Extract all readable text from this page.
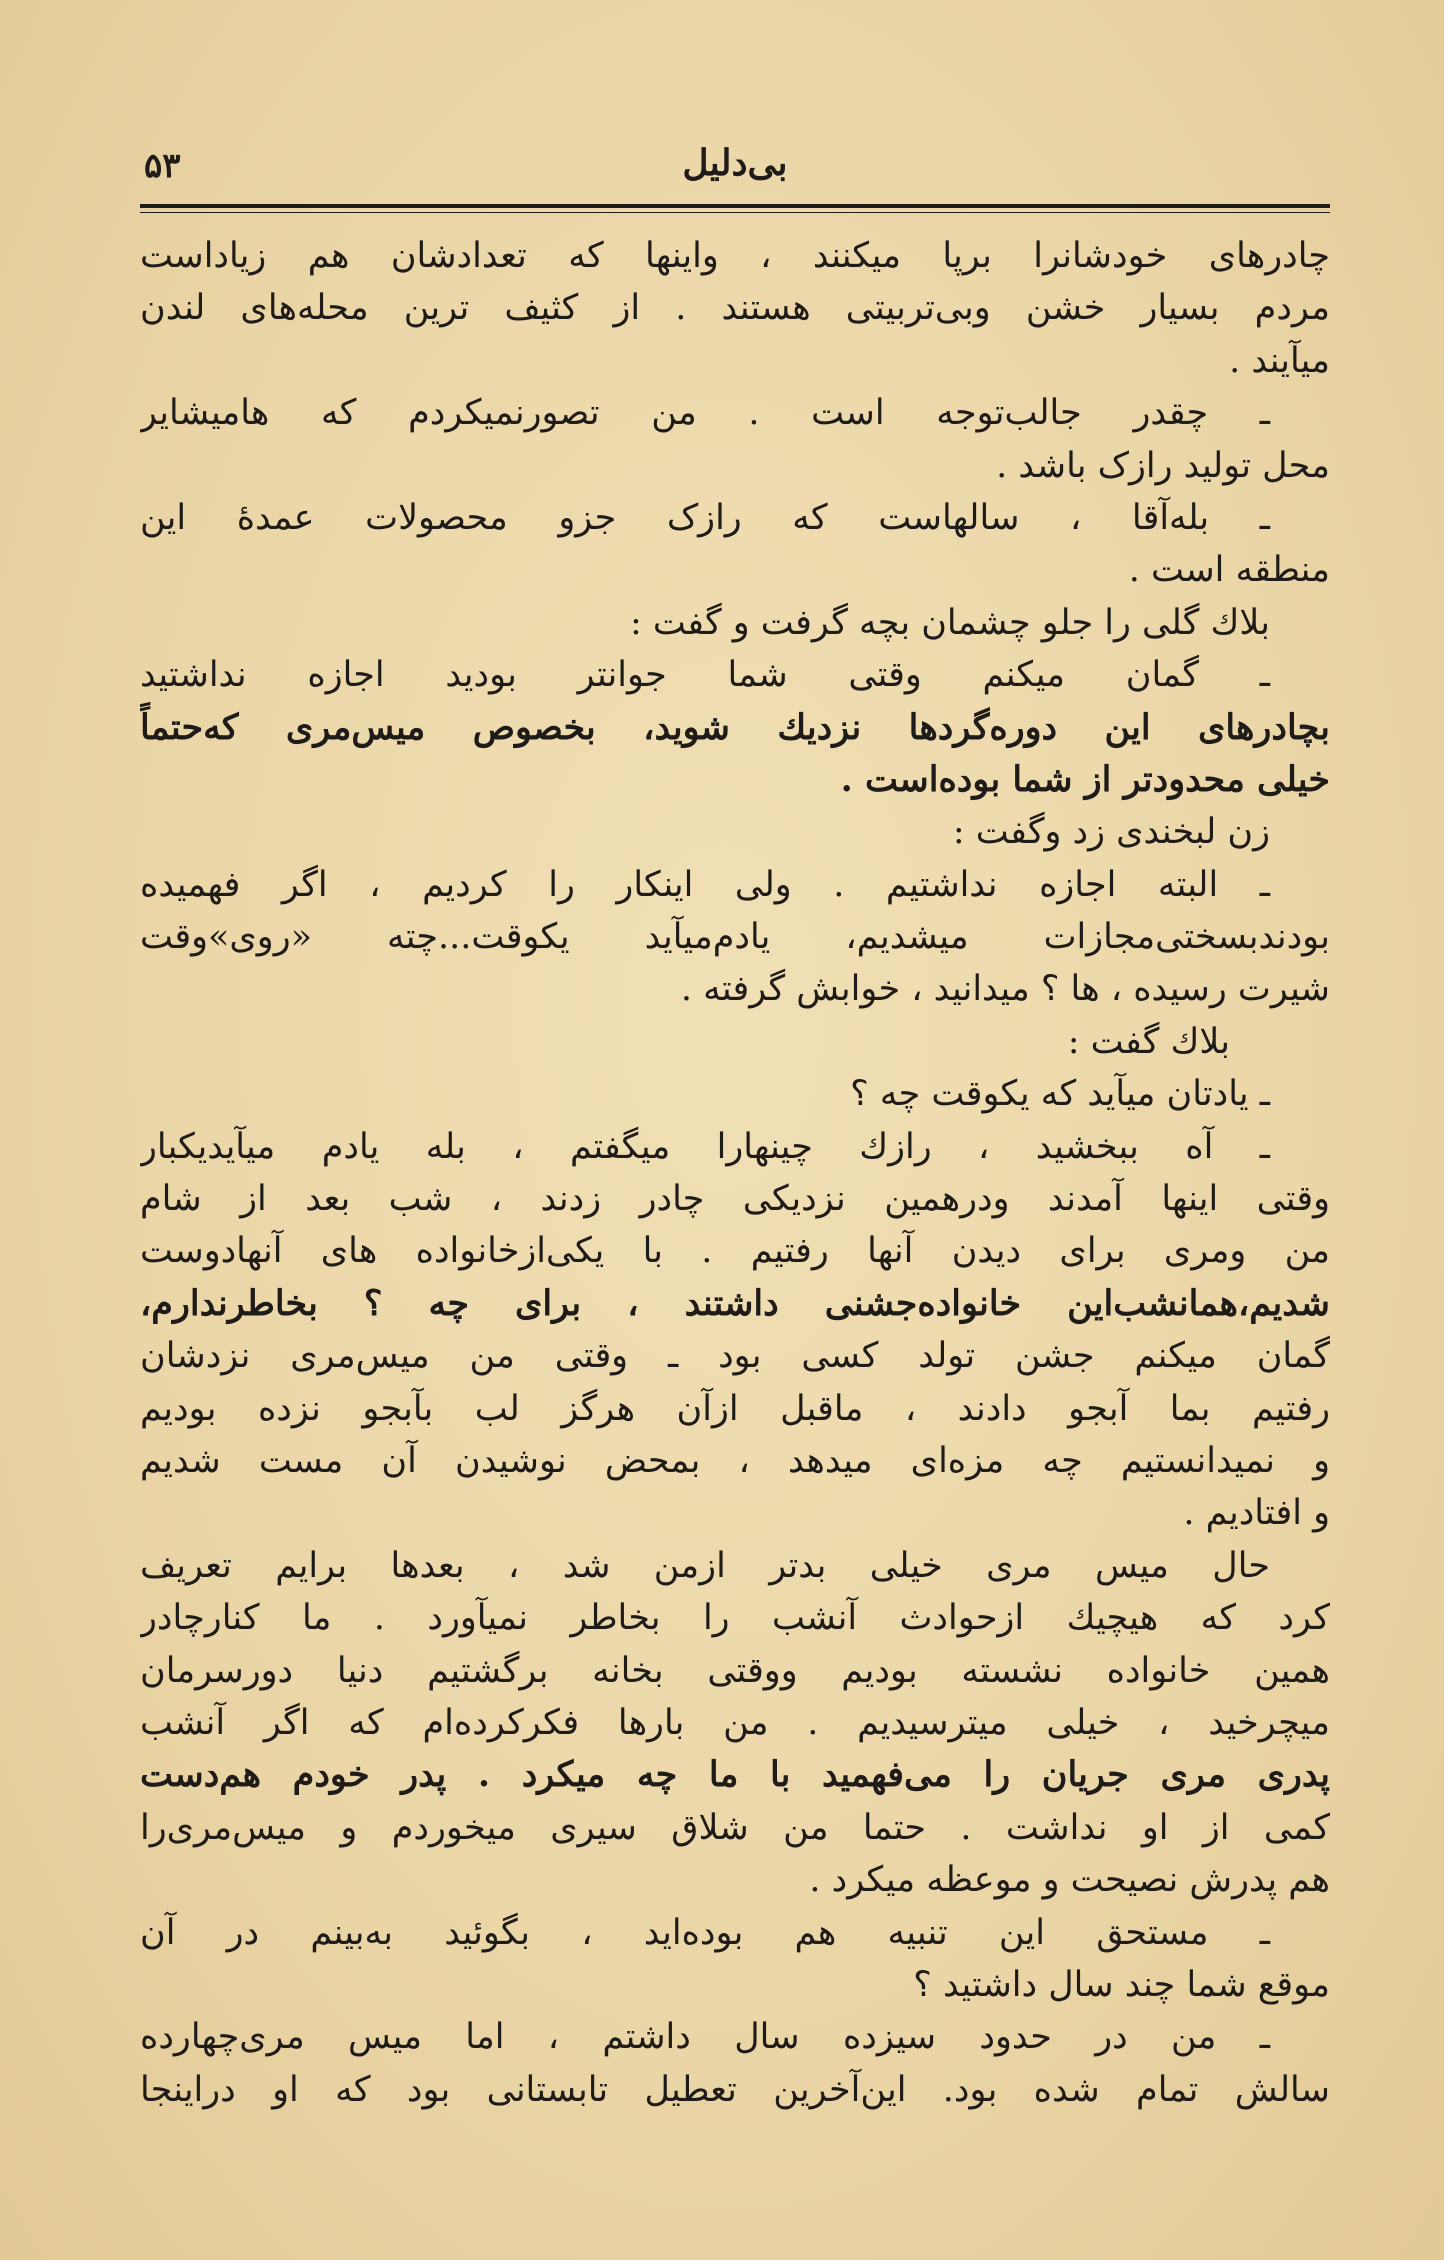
۵۳	بی‌دلیل
چادرهای خودشانرا برپا میکنند ، واینها که تعدادشان هم زیاداست
مردم بسیار خشن وبی‌تربیتی هستند . از کثیف ترین محله‌های لندن
میآیند .
ـ چقدر جالب‌توجه است . من تصورنمیکردم که هامیشایر
محل تولید رازک باشد .
ـ بله‌آقا ، سالهاست که رازک جزو محصولات عمدهٔ این
منطقه است .
بلاك گلی را جلو چشمان بچه گرفت و گفت :
ـ گمان میکنم وقتی شما جوانتر بودید اجازه نداشتید
بچادرهای این دوره‌گردها نزدیك شوید، بخصوص میس‌مری که‌حتماً
خیلی محدودتر از شما بوده‌است .
زن لبخندی زد وگفت :
ـ البته اجازه نداشتیم . ولی اینکار را کردیم ، اگر فهمیده
بودندبسختی‌مجازات میشدیم، یادم‌میآید یکوقت...چته «روی»وقت
شیرت رسیده ، ها ؟ میدانید ، خوابش گرفته .
بلاك گفت :
ـ یادتان میآید که یکوقت چه ؟
ـ آه ببخشید ، رازك چینهارا میگفتم ، بله یادم میآیدیکبار
وقتی اینها آمدند ودرهمین نزدیکی چادر زدند ، شب بعد از شام
من ومری برای دیدن آنها رفتیم . با یکی‌ازخانواده های آنهادوست
شدیم،همانشب‌این خانواده‌جشنی داشتند ، برای چه ؟ بخاطرندارم،
گمان میکنم جشن تولد کسی بود ـ وقتی من میس‌مری نزدشان
رفتیم بما آبجو دادند ، ماقبل ازآن هرگز لب بآبجو نزده بودیم
و نمیدانستیم چه مزه‌ای میدهد ، بمحض نوشیدن آن مست شدیم
و افتادیم .
حال میس مری خیلی بدتر ازمن شد ، بعدها برایم تعریف
کرد که هیچیك ازحوادث آنشب را بخاطر نمیآورد . ما کنارچادر
همین خانواده نشسته بودیم ووقتی بخانه برگشتیم دنیا دورسرمان
میچرخید ، خیلی میترسیدیم . من بارها فکرکرده‌ام که اگر آنشب
پدری مری جریان را می‌فهمید با ما چه میکرد . پدر خودم هم‌دست
کمی از او نداشت . حتما من شلاق سیری میخوردم و میس‌مری‌را
هم پدرش نصیحت و موعظه میکرد .
ـ مستحق این تنبیه هم بوده‌اید ، بگوئید به‌بینم در آن
موقع شما چند سال داشتید ؟
ـ من در حدود سیزده سال داشتم ، اما میس مری‌چهارده
سالش تمام شده بود. این‌آخرین تعطیل تابستانی بود که او دراینجا
